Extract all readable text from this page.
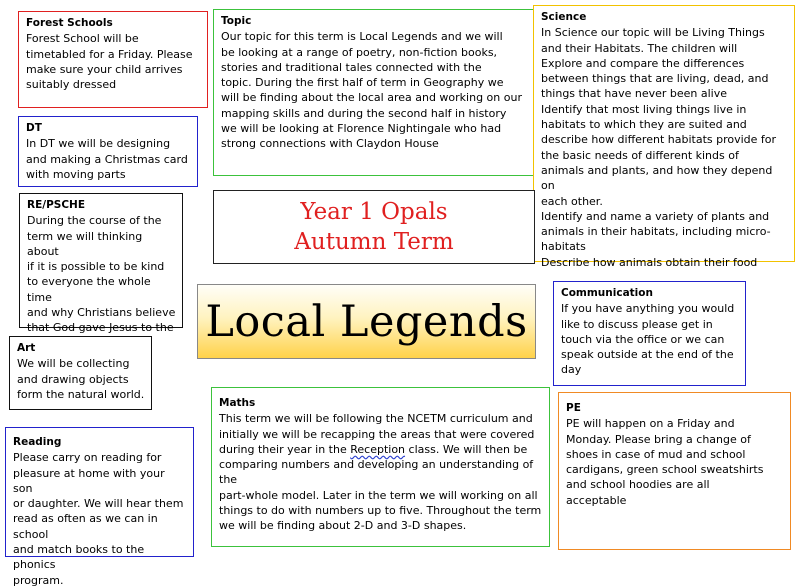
Forest Schools
Forest School will be
timetabled for a Friday. Please
make sure your child arrives
suitably dressed
Topic
Our topic for this term is Local Legends and we will
be looking at a range of poetry, non-fiction books,
stories and traditional tales connected with the
topic. During the first half of term in Geography we
will be finding about the local area and working on our
mapping skills and during the second half in history
we will be looking at Florence Nightingale who had
strong connections with Claydon House
Science
In Science our topic will be Living Things
and their Habitats. The children will
Explore and compare the differences
between things that are living, dead, and
things that have never been alive
Identify that most living things live in
habitats to which they are suited and
describe how different habitats provide for
the basic needs of different kinds of
animals and plants, and how they depend on
each other.
Identify and name a variety of plants and
animals in their habitats, including micro-
habitats
Describe how animals obtain their food
DT
In DT we will be designing
and making a Christmas card
with moving parts
RE/PSCHE
During the course of the
term we will thinking about
if it is possible to be kind
to everyone the whole time
and why Christians believe
that God gave Jesus to the

Year 1 Opals
Autumn Term
Local Legends
Communication
If you have anything you would
like to discuss please get in
touch via the office or we can
speak outside at the end of the
day
Art
We will be collecting
and drawing objects
form the natural world.
Maths
This term we will be following the NCETM curriculum and
initially we will be recapping the areas that were covered
during their year in the Reception class. We will then be
comparing numbers and developing an understanding of the
part-whole model. Later in the term we will working on all
things to do with numbers up to five. Throughout the term
we will be finding about 2-D and 3-D shapes.
PE
PE will happen on a Friday and
Monday. Please bring a change of
shoes in case of mud and school
cardigans, green school sweatshirts
and school hoodies are all
acceptable
Reading
Please carry on reading for
pleasure at home with your son
or daughter. We will hear them
read as often as we can in school
and match books to the phonics
program.
